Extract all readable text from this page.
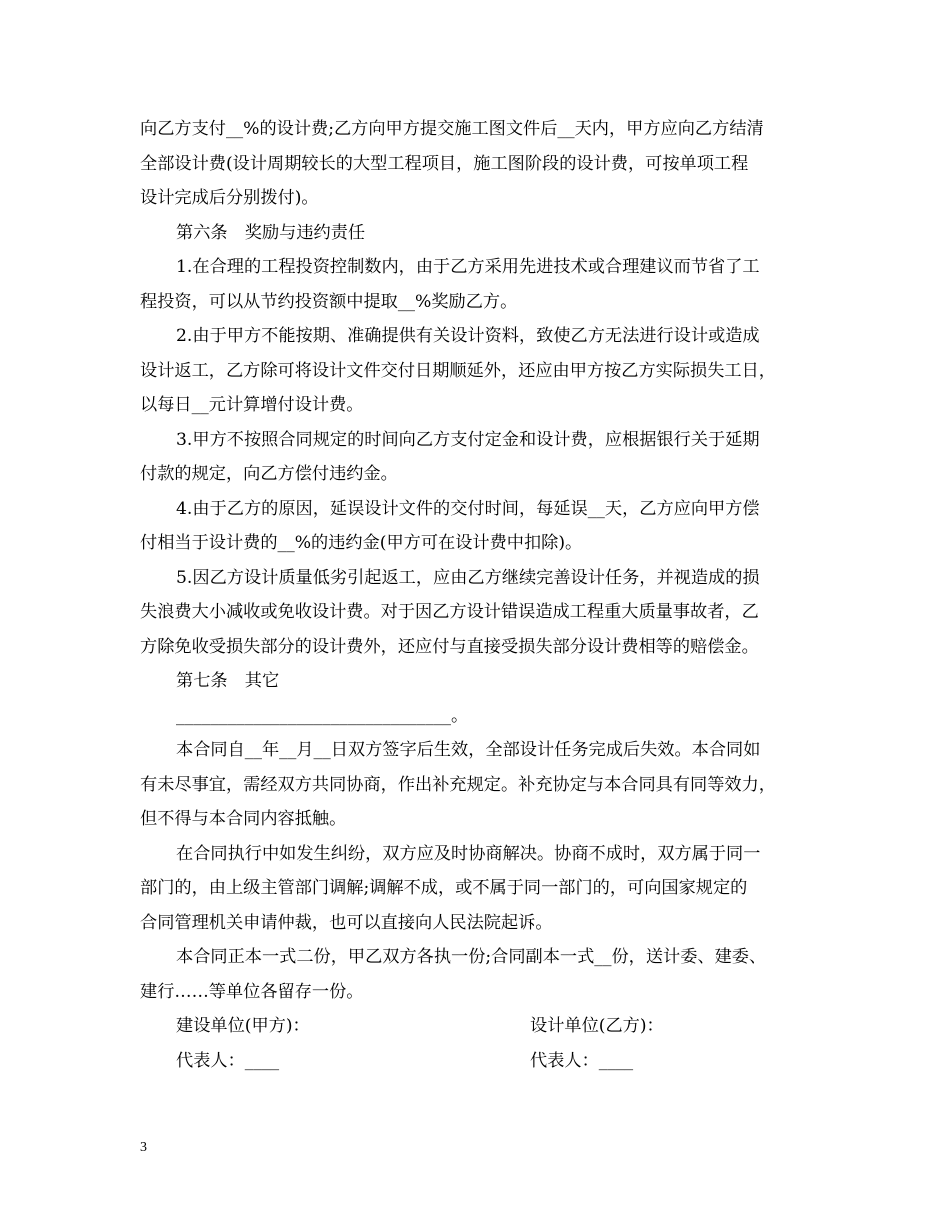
向乙方支付__%的设计费;乙方向甲方提交施工图文件后__天内，甲方应向乙方结清
全部设计费(设计周期较长的大型工程项目，施工图阶段的设计费，可按单项工程
设计完成后分别拨付)。
第六条　奖励与违约责任
1.在合理的工程投资控制数内，由于乙方采用先进技术或合理建议而节省了工
程投资，可以从节约投资额中提取__%奖励乙方。
2.由于甲方不能按期、准确提供有关设计资料，致使乙方无法进行设计或造成
设计返工，乙方除可将设计文件交付日期顺延外，还应由甲方按乙方实际损失工日，
以每日__元计算增付设计费。
3.甲方不按照合同规定的时间向乙方支付定金和设计费，应根据银行关于延期
付款的规定，向乙方偿付违约金。
4.由于乙方的原因，延误设计文件的交付时间，每延误__天，乙方应向甲方偿
付相当于设计费的__%的违约金(甲方可在设计费中扣除)。
5.因乙方设计质量低劣引起返工，应由乙方继续完善设计任务，并视造成的损
失浪费大小减收或免收设计费。对于因乙方设计错误造成工程重大质量事故者，乙
方除免收受损失部分的设计费外，还应付与直接受损失部分设计费相等的赔偿金。
第七条　其它
________________________________。
本合同自__年__月__日双方签字后生效，全部设计任务完成后失效。本合同如
有未尽事宜，需经双方共同协商，作出补充规定。补充协定与本合同具有同等效力，
但不得与本合同内容抵触。
在合同执行中如发生纠纷，双方应及时协商解决。协商不成时，双方属于同一
部门的，由上级主管部门调解;调解不成，或不属于同一部门的，可向国家规定的
合同管理机关申请仲裁，也可以直接向人民法院起诉。
本合同正本一式二份，甲乙双方各执一份;合同副本一式__份，送计委、建委、
建行……等单位各留存一份。
建设单位(甲方)：	设计单位(乙方)：
代表人：____	代表人：____
3
